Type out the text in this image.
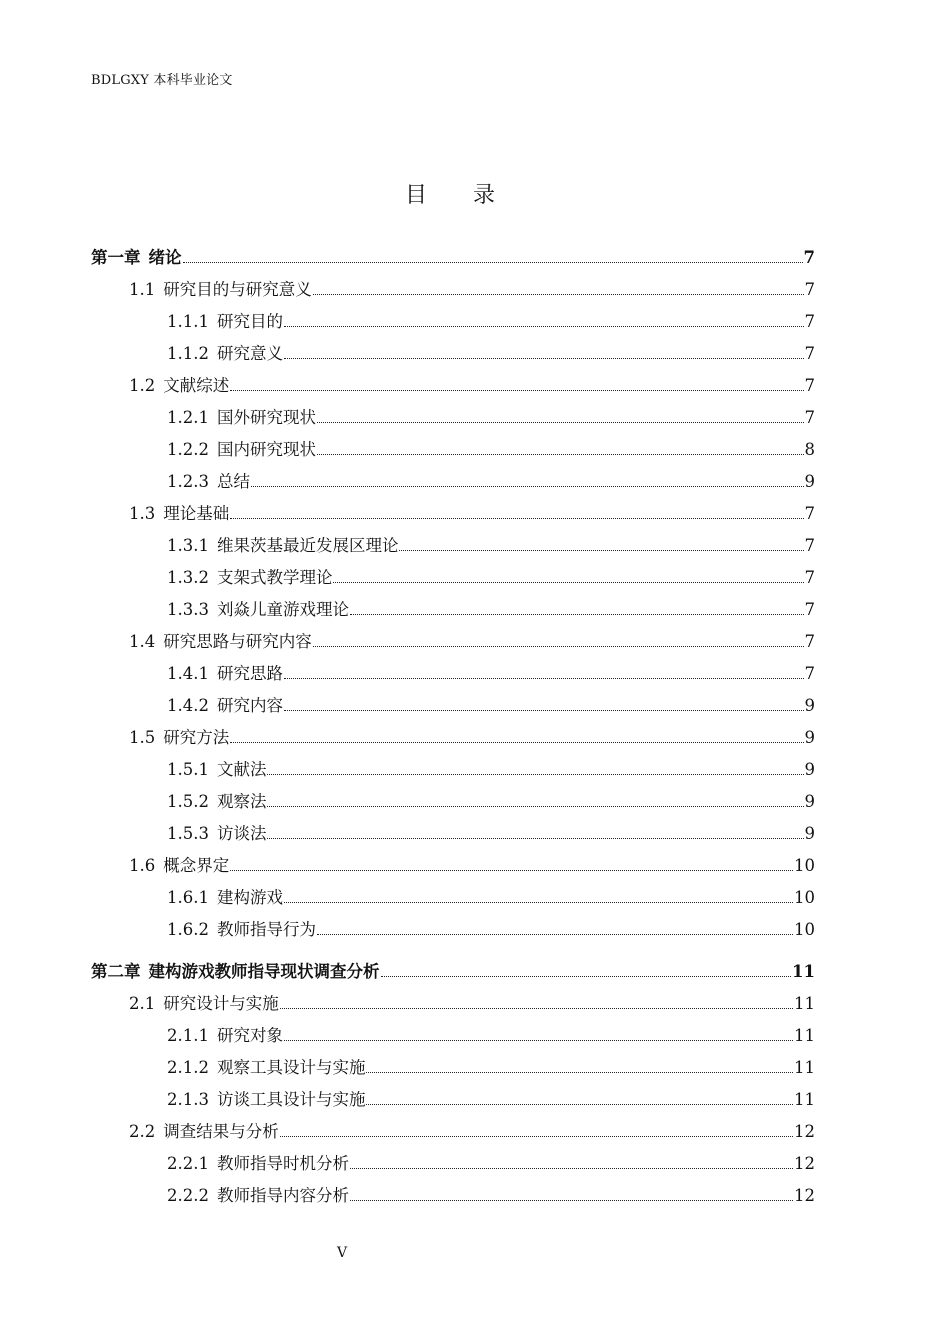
BDLGXY 本科毕业论文
目 录
第一章 绪论	7
1.1 研究目的与研究意义	7
1.1.1 研究目的	7
1.1.2 研究意义	7
1.2 文献综述	7
1.2.1 国外研究现状	7
1.2.2 国内研究现状	8
1.2.3 总结	9
1.3 理论基础	7
1.3.1 维果茨基最近发展区理论	7
1.3.2 支架式教学理论	7
1.3.3 刘焱儿童游戏理论	7
1.4 研究思路与研究内容	7
1.4.1 研究思路	7
1.4.2 研究内容	9
1.5 研究方法	9
1.5.1 文献法	9
1.5.2 观察法	9
1.5.3 访谈法	9
1.6 概念界定	10
1.6.1 建构游戏	10
1.6.2 教师指导行为	10
第二章 建构游戏教师指导现状调查分析	11
2.1 研究设计与实施	11
2.1.1 研究对象	11
2.1.2 观察工具设计与实施	11
2.1.3 访谈工具设计与实施	11
2.2 调查结果与分析	12
2.2.1 教师指导时机分析	12
2.2.2 教师指导内容分析	12
V
